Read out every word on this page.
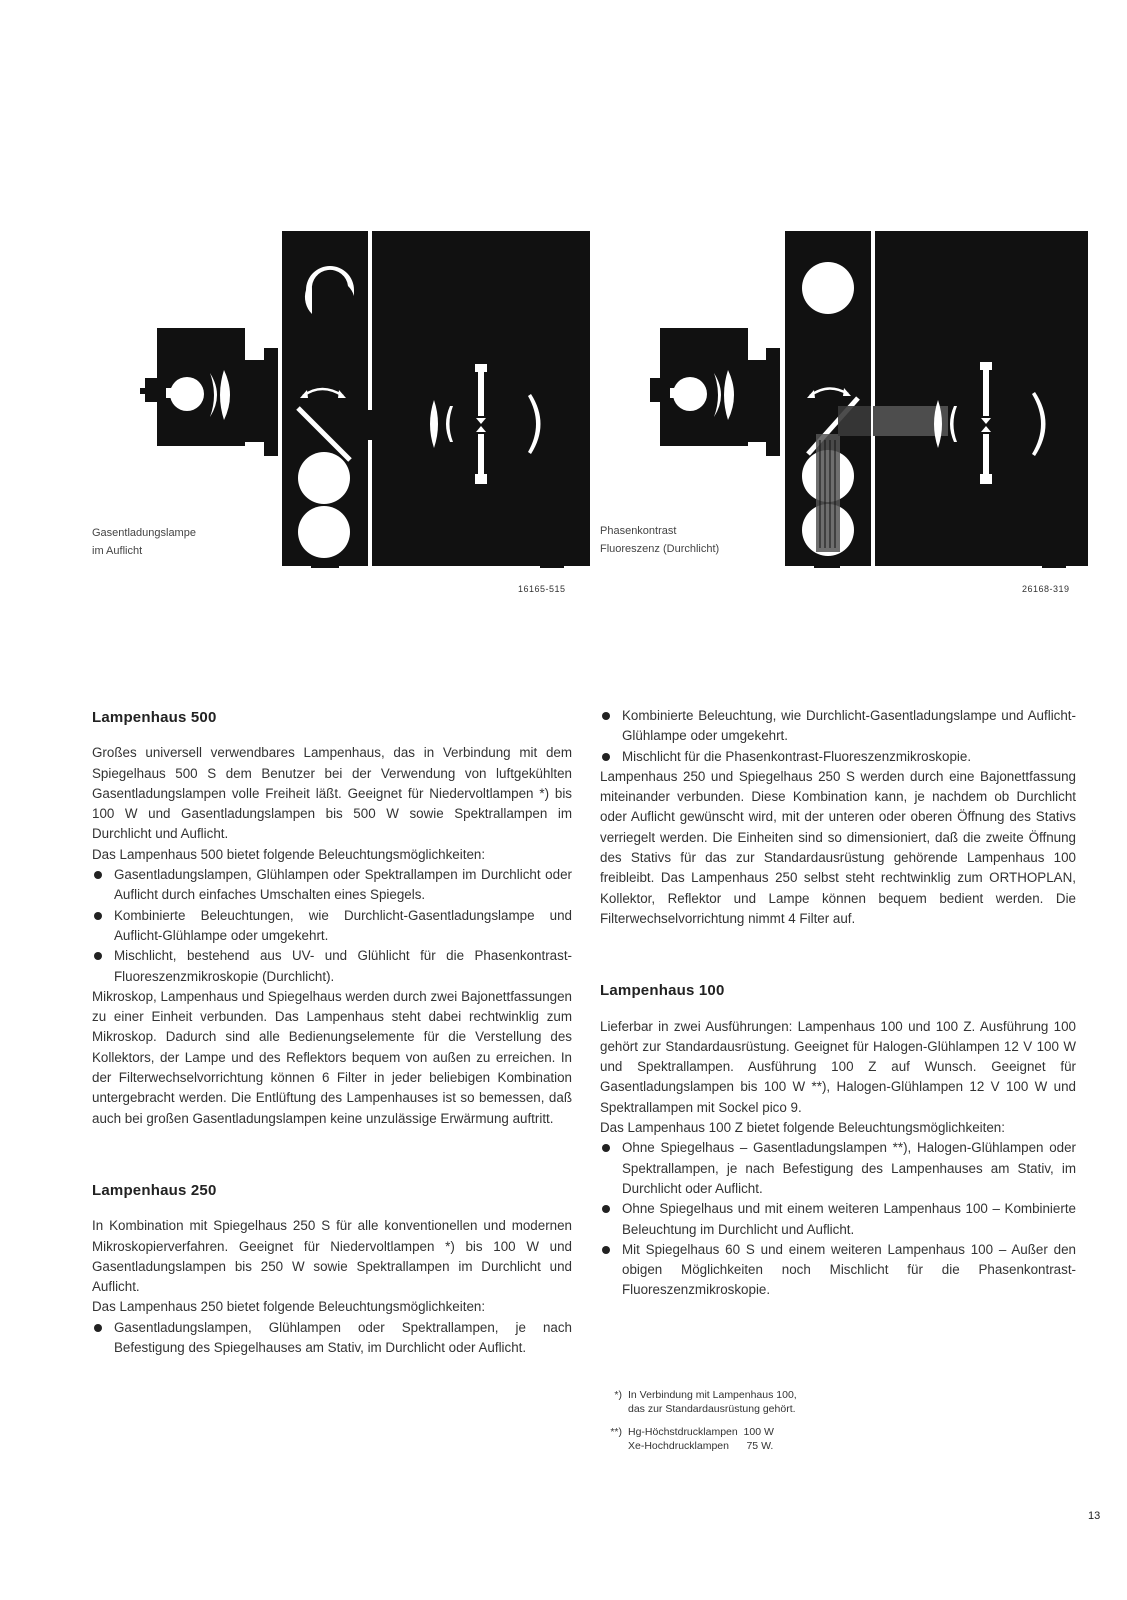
Gasentladungslampe
im Auflicht
16165-515
Phasenkontrast
Fluoreszenz (Durchlicht)
26168-319
Lampenhaus 500

Großes universell verwendbares Lampenhaus, das in Verbindung mit dem Spiegelhaus 500 S dem Benutzer bei der Verwendung von luftgekühlten Gasentladungslampen volle Freiheit läßt. Geeignet für Niedervoltlampen *) bis 100 W und Gasentladungslampen bis 500 W sowie Spektrallampen im Durchlicht und Auflicht.

Das Lampenhaus 500 bietet folgende Beleuchtungsmöglichkeiten:

Gasentladungslampen, Glühlampen oder Spektrallampen im Durchlicht oder Auflicht durch einfaches Umschalten eines Spiegels.
Kombinierte Beleuchtungen, wie Durchlicht-Gasentladungslampe und Auflicht-Glühlampe oder umgekehrt.
Mischlicht, bestehend aus UV- und Glühlicht für die Phasenkontrast-Fluoreszenzmikroskopie (Durchlicht).

Mikroskop, Lampenhaus und Spiegelhaus werden durch zwei Bajonettfassungen zu einer Einheit verbunden. Das Lampenhaus steht dabei rechtwinklig zum Mikroskop. Dadurch sind alle Bedienungselemente für die Verstellung des Kollektors, der Lampe und des Reflektors bequem von außen zu erreichen. In der Filterwechselvorrichtung können 6 Filter in jeder beliebigen Kombination untergebracht werden. Die Entlüftung des Lampenhauses ist so bemessen, daß auch bei großen Gasentladungslampen keine unzulässige Erwärmung auftritt.

Lampenhaus 250

In Kombination mit Spiegelhaus 250 S für alle konventionellen und modernen Mikroskopierverfahren. Geeignet für Niedervoltlampen *) bis 100 W und Gasentladungslampen bis 250 W sowie Spektrallampen im Durchlicht und Auflicht.

Das Lampenhaus 250 bietet folgende Beleuchtungsmöglichkeiten:

Gasentladungslampen, Glühlampen oder Spektrallampen, je nach Befestigung des Spiegelhauses am Stativ, im Durchlicht oder Auflicht.
Kombinierte Beleuchtung, wie Durchlicht-Gasentladungslampe und Auflicht-Glühlampe oder umgekehrt.
Mischlicht für die Phasenkontrast-Fluoreszenzmikroskopie.

Lampenhaus 250 und Spiegelhaus 250 S werden durch eine Bajonettfassung miteinander verbunden. Diese Kombination kann, je nachdem ob Durchlicht oder Auflicht gewünscht wird, mit der unteren oder oberen Öffnung des Stativs verriegelt werden. Die Einheiten sind so dimensioniert, daß die zweite Öffnung des Stativs für das zur Standardausrüstung gehörende Lampenhaus 100 freibleibt. Das Lampenhaus 250 selbst steht rechtwinklig zum ORTHOPLAN, Kollektor, Reflektor und Lampe können bequem bedient werden. Die Filterwechselvorrichtung nimmt 4 Filter auf.

Lampenhaus 100

Lieferbar in zwei Ausführungen: Lampenhaus 100 und 100 Z. Ausführung 100 gehört zur Standardausrüstung. Geeignet für Halogen-Glühlampen 12 V 100 W und Spektrallampen. Ausführung 100 Z auf Wunsch. Geeignet für Gasentladungslampen bis 100 W **), Halogen-Glühlampen 12 V 100 W und Spektrallampen mit Sockel pico 9.

Das Lampenhaus 100 Z bietet folgende Beleuchtungsmöglichkeiten:

Ohne Spiegelhaus – Gasentladungslampen **), Halogen-Glühlampen oder Spektrallampen, je nach Befestigung des Lampenhauses am Stativ, im Durchlicht oder Auflicht.
Ohne Spiegelhaus und mit einem weiteren Lampenhaus 100 – Kombinierte Beleuchtung im Durchlicht und Auflicht.
Mit Spiegelhaus 60 S und einem weiteren Lampenhaus 100 – Außer den obigen Möglichkeiten noch Mischlicht für die Phasenkontrast-Fluoreszenzmikroskopie.
*) In Verbindung mit Lampenhaus 100,
das zur Standardausrüstung gehört.
**) Hg-Höchstdrucklampen  100 W
Xe-Hochdrucklampen      75 W.
13
